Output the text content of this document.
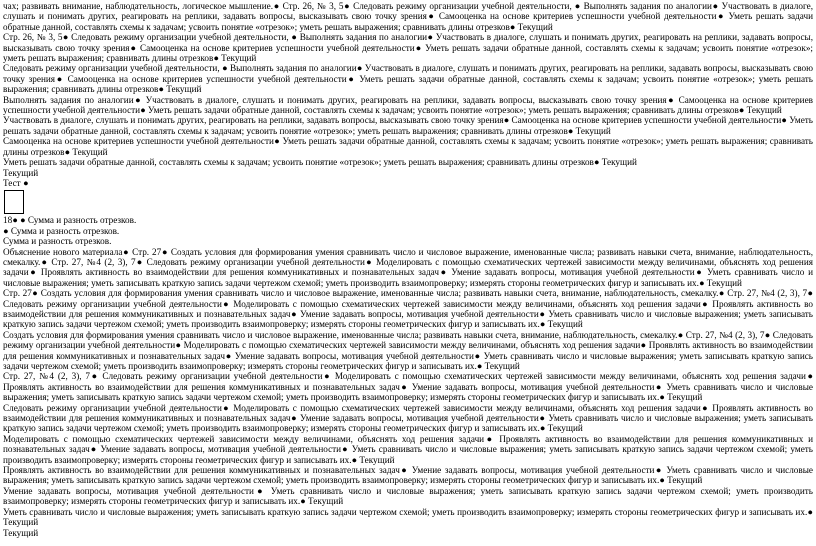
чах; развивать внимание, наблюдательность, логическое мышление.● Стр. 26, № 3, 5● Следовать режиму организации учебной деятельности, ● Выполнять задания по аналогии● Участвовать в диалоге, слушать и понимать других, реагировать на реплики, задавать вопросы, высказывать свою точку зрения● Самооценка на основе критериев успешности учебной деятельности● Уметь решать задачи обратные данной, составлять схемы к задачам; усвоить понятие «отрезок»; уметь решать выражения; сравнивать длины отрезков● Текущий

Стр. 26, № 3, 5● Следовать режиму организации учебной деятельности, ● Выполнять задания по аналогии● Участвовать в диалоге, слушать и понимать других, реагировать на реплики, задавать вопросы, высказывать свою точку зрения● Самооценка на основе критериев успешности учебной деятельности● Уметь решать задачи обратные данной, составлять схемы к задачам; усвоить понятие «отрезок»; уметь решать выражения; сравнивать длины отрезков● Текущий

Следовать режиму организации учебной деятельности, ● Выполнять задания по аналогии● Участвовать в диалоге, слушать и понимать других, реагировать на реплики, задавать вопросы, высказывать свою точку зрения● Самооценка на основе критериев успешности учебной деятельности● Уметь решать задачи обратные данной, составлять схемы к задачам; усвоить понятие «отрезок»; уметь решать выражения; сравнивать длины отрезков● Текущий

Выполнять задания по аналогии● Участвовать в диалоге, слушать и понимать других, реагировать на реплики, задавать вопросы, высказывать свою точку зрения● Самооценка на основе критериев успешности учебной деятельности● Уметь решать задачи обратные данной, составлять схемы к задачам; усвоить понятие «отрезок»; уметь решать выражения; сравнивать длины отрезков● Текущий

Участвовать в диалоге, слушать и понимать других, реагировать на реплики, задавать вопросы, высказывать свою точку зрения● Самооценка на основе критериев успешности учебной деятельности● Уметь решать задачи обратные данной, составлять схемы к задачам; усвоить понятие «отрезок»; уметь решать выражения; сравнивать длины отрезков● Текущий

Самооценка на основе критериев успешности учебной деятельности● Уметь решать задачи обратные данной, составлять схемы к задачам; усвоить понятие «отрезок»; уметь решать выражения; сравнивать длины отрезков● Текущий

Уметь решать задачи обратные данной, составлять схемы к задачам; усвоить понятие «отрезок»; уметь решать выражения; сравнивать длины отрезков● Текущий

Текущий

Тест ●

18● ● Сумма и разность отрезков.

● Сумма и разность отрезков.

Сумма и разность отрезков.

Объяснение нового материала● Стр. 27● Создать условия для формирования умения сравнивать число и числовое выражение, именованные числа; развивать навыки счета, внимание, наблюдательность, смекалку.● Стр. 27, №4 (2, 3), 7● Следовать режиму организации учебной деятельности● Моделировать с помощью схематических чертежей зависимости между величинами, объяснять ход решения задачи● Проявлять активность во взаимодействии для решения коммуникативных и познавательных задач● Умение задавать вопросы, мотивация учебной деятельности● Уметь сравнивать число и числовые выражения; уметь записывать краткую запись задачи чертежом схемой; уметь производить взаимопроверку; измерять стороны геометрических фигур и записывать их.● Текущий

Стр. 27● Создать условия для формирования умения сравнивать число и числовое выражение, именованные числа; развивать навыки счета, внимание, наблюдательность, смекалку.● Стр. 27, №4 (2, 3), 7● Следовать режиму организации учебной деятельности● Моделировать с помощью схематических чертежей зависимости между величинами, объяснять ход решения задачи● Проявлять активность во взаимодействии для решения коммуникативных и познавательных задач● Умение задавать вопросы, мотивация учебной деятельности● Уметь сравнивать число и числовые выражения; уметь записывать краткую запись задачи чертежом схемой; уметь производить взаимопроверку; измерять стороны геометрических фигур и записывать их.● Текущий

Создать условия для формирования умения сравнивать число и числовое выражение, именованные числа; развивать навыки счета, внимание, наблюдательность, смекалку.● Стр. 27, №4 (2, 3), 7● Следовать режиму организации учебной деятельности● Моделировать с помощью схематических чертежей зависимости между величинами, объяснять ход решения задачи● Проявлять активность во взаимодействии для решения коммуникативных и познавательных задач● Умение задавать вопросы, мотивация учебной деятельности● Уметь сравнивать число и числовые выражения; уметь записывать краткую запись задачи чертежом схемой; уметь производить взаимопроверку; измерять стороны геометрических фигур и записывать их.● Текущий

Стр. 27, №4 (2, 3), 7● Следовать режиму организации учебной деятельности● Моделировать с помощью схематических чертежей зависимости между величинами, объяснять ход решения задачи● Проявлять активность во взаимодействии для решения коммуникативных и познавательных задач● Умение задавать вопросы, мотивация учебной деятельности● Уметь сравнивать число и числовые выражения; уметь записывать краткую запись задачи чертежом схемой; уметь производить взаимопроверку; измерять стороны геометрических фигур и записывать их.● Текущий

Следовать режиму организации учебной деятельности● Моделировать с помощью схематических чертежей зависимости между величинами, объяснять ход решения задачи● Проявлять активность во взаимодействии для решения коммуникативных и познавательных задач● Умение задавать вопросы, мотивация учебной деятельности● Уметь сравнивать число и числовые выражения; уметь записывать краткую запись задачи чертежом схемой; уметь производить взаимопроверку; измерять стороны геометрических фигур и записывать их.● Текущий

Моделировать с помощью схематических чертежей зависимости между величинами, объяснять ход решения задачи● Проявлять активность во взаимодействии для решения коммуникативных и познавательных задач● Умение задавать вопросы, мотивация учебной деятельности● Уметь сравнивать число и числовые выражения; уметь записывать краткую запись задачи чертежом схемой; уметь производить взаимопроверку; измерять стороны геометрических фигур и записывать их.● Текущий

Проявлять активность во взаимодействии для решения коммуникативных и познавательных задач● Умение задавать вопросы, мотивация учебной деятельности● Уметь сравнивать число и числовые выражения; уметь записывать краткую запись задачи чертежом схемой; уметь производить взаимопроверку; измерять стороны геометрических фигур и записывать их.● Текущий

Умение задавать вопросы, мотивация учебной деятельности● Уметь сравнивать число и числовые выражения; уметь записывать краткую запись задачи чертежом схемой; уметь производить взаимопроверку; измерять стороны геометрических фигур и записывать их.● Текущий

Уметь сравнивать число и числовые выражения; уметь записывать краткую запись задачи чертежом схемой; уметь производить взаимопроверку; измерять стороны геометрических фигур и записывать их.● Текущий

Текущий
